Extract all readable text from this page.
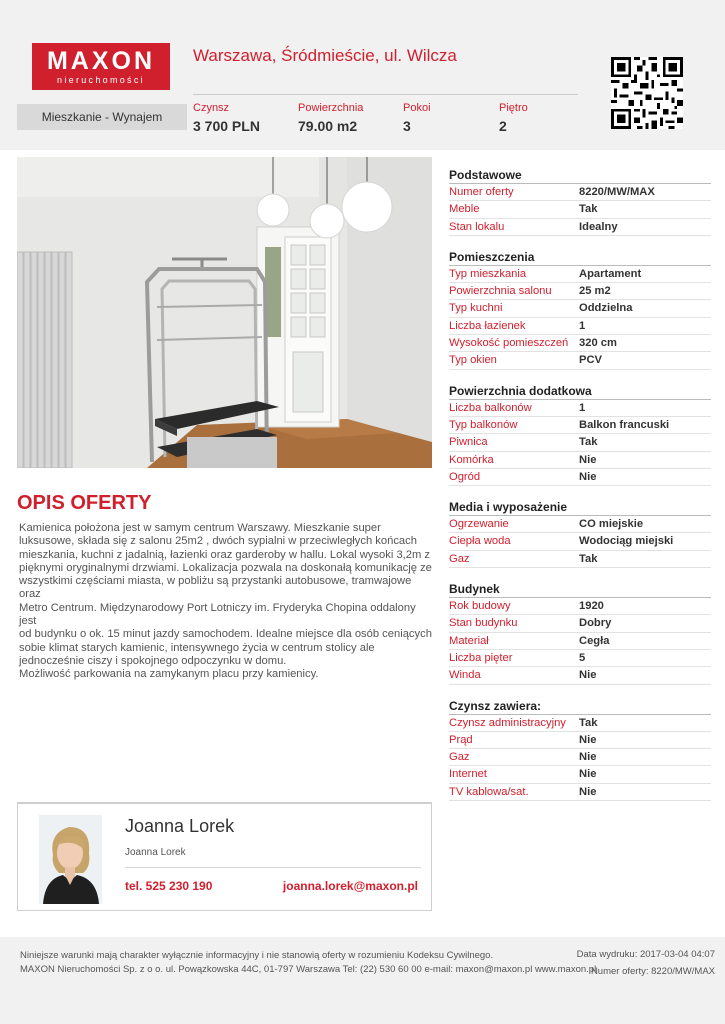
MAXON
nieruchomości
Warszawa, Śródmieście, ul. Wilcza
Mieszkanie - Wynajem
Czynsz
3 700 PLN
Powierzchnia
79.00 m2
Pokoi
3
Piętro
2
OPIS OFERTY
Kamienica położona jest w samym centrum Warszawy. Mieszkanie super
luksusowe, składa się z salonu 25m2 , dwóch sypialni w przeciwległych końcach
mieszkania, kuchni z jadalnią, łazienki oraz garderoby w hallu. Lokal wysoki 3,2m z
pięknymi oryginalnymi drzwiami. Lokalizacja pozwala na doskonałą komunikację ze
wszystkimi częściami miasta, w pobliżu są przystanki autobusowe, tramwajowe oraz
Metro Centrum. Międzynarodowy Port Lotniczy im. Fryderyka Chopina oddalony jest
od budynku o ok. 15 minut jazdy samochodem. Idealne miejsce dla osób ceniących
sobie klimat starych kamienic, intensywnego życia w centrum stolicy ale
jednocześnie ciszy i spokojnego odpoczynku w domu.
Możliwość parkowania na zamykanym placu przy kamienicy.
Podstawowe
Numer oferty	8220/MW/MAX
Meble	Tak
Stan lokalu	Idealny
Pomieszczenia
Typ mieszkania	Apartament
Powierzchnia salonu	25 m2
Typ kuchni	Oddzielna
Liczba łazienek	1
Wysokość pomieszczeń 320 cm
Typ okien	PCV
Powierzchnia dodatkowa
Liczba balkonów	1
Typ balkonów	Balkon francuski
Piwnica	Tak
Komórka	Nie
Ogród	Nie
Media i wyposażenie
Ogrzewanie	CO miejskie
Ciepła woda	Wodociąg miejski
Gaz	Tak
Budynek
Rok budowy	1920
Stan budynku	Dobry
Materiał	Cegła
Liczba pięter	5
Winda	Nie
Czynsz zawiera:
Czynsz administracyjny	Tak
Prąd	Nie
Gaz	Nie
Internet	Nie
TV kablowa/sat.	Nie
Joanna Lorek
Joanna Lorek
tel. 525 230 190	joanna.lorek@maxon.pl
Niniejsze warunki mają charakter wyłącznie informacyjny i nie stanowią oferty w rozumieniu Kodeksu Cywilnego.
MAXON Nieruchomości Sp. z o o. ul. Powązkowska 44C, 01-797 Warszawa Tel: (22) 530 60 00 e-mail: maxon@maxon.pl www.maxon.pl
Data wydruku: 2017-03-04 04:07
Numer oferty: 8220/MW/MAX
